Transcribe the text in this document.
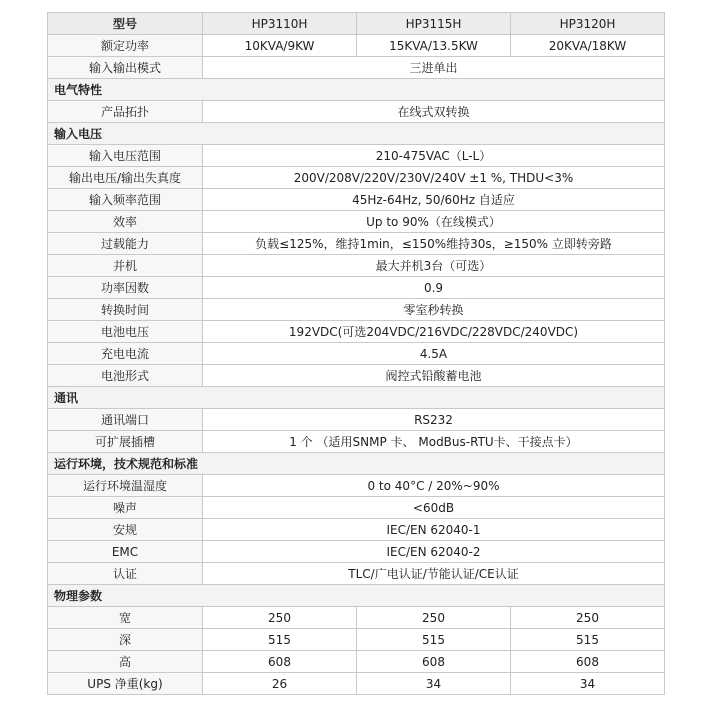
型号	HP3110H	HP3115H	HP3120H
额定功率	10KVA/9KW	15KVA/13.5KW	20KVA/18KW
输入输出模式	三进单出		
电气特性			
产品拓扑	在线式双转换		
输入电压			
输入电压范围	210-475VAC（L-L）		
输出电压/输出失真度	200V/208V/220V/230V/240V ±1 %, THDU<3%		
输入频率范围	45Hz-64Hz, 50/60Hz 自适应		
效率	Up to 90%（在线模式）		
过载能力	负载≤125%，维持1min，≤150%维持30s，≥150% 立即转旁路		
并机	最大并机3台（可选）		
功率因数	0.9		
转换时间	零室秒转换		
电池电压	192VDC(可选204VDC/216VDC/228VDC/240VDC)		
充电电流	4.5A		
电池形式	阀控式铅酸蓄电池		
通讯			
通讯端口	RS232		
可扩展插槽	1 个 （适用SNMP 卡、 ModBus-RTU卡、干接点卡）		
运行环境，技术规范和标准			
运行环境温湿度	0 to 40°C / 20%~90%		
噪声	<60dB		
安规	IEC/EN 62040-1		
EMC	IEC/EN 62040-2		
认证	TLC/广电认证/节能认证/CE认证		
物理参数			
宽	250	250	250
深	515	515	515
高	608	608	608
UPS 净重(kg)	26	34	34
